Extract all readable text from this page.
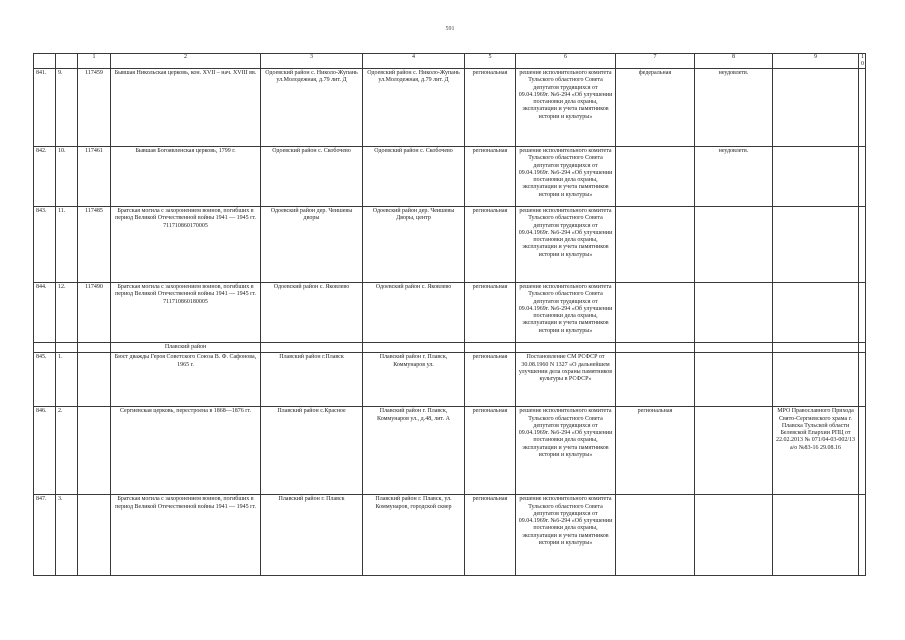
591
		1	2	3	4	5	6	7	8	9	10
841.	9.	117459	Бывшая Никольская церковь, кон. XVII – нач. XVIII вв.	Одоевский район с. Николо-Жупань ул.Молодежная, д.79 лит. Д	Одоевский район с. Николо-Жупань ул.Молодежная, д.79 лит. Д	региональная	решение исполнительного комитета Тульского областного Совета депутатов трудящихся от 09.04.1969г. №6-294 «Об улучшении постановки дела охраны, эксплуатации и учета памятников истории и культуры»	федеральная	неудовлетв.		
842.	10.	117461	Бывшая Богоявленская церковь, 1799 г.	Одоевский район с. Скобочево	Одоевский район с. Скобочево	региональная	решение исполнительного комитета Тульского областного Совета депутатов трудящихся от 09.04.1969г. №6-294 «Об улучшении постановки дела охраны, эксплуатации и учета памятников истории и культуры»		неудовлетв.		
843.	11.	117485	Братская могила с захоронением воинов, погибших в период Великой Отечественной войны 1941 — 1945 гг. 711710860170005	Одоевский район дер. Чеишевы дворы	Одоевский район дер. Чеишевы Дворы, центр	региональная	решение исполнительного комитета Тульского областного Совета депутатов трудящихся от 09.04.1969г. №6-294 «Об улучшении постановки дела охраны, эксплуатации и учета памятников истории и культуры»				
844.	12.	117490	Братская могила с захоронением воинов, погибших в период Великой Отечественной войны 1941 — 1945 гг. 711710860180005	Одоевский район с. Яковлево	Одоевский район с. Яковлево	региональная	решение исполнительного комитета Тульского областного Совета депутатов трудящихся от 09.04.1969г. №6-294 «Об улучшении постановки дела охраны, эксплуатации и учета памятников истории и культуры»				
			Плавский район								
845.	1.		Бюст дважды Героя Советского Союза В. Ф. Сафонова, 1965 г.	Плавский район г.Плавск	Плавский район г. Плавск, Коммунаров ул.	региональная	Постановление СМ РСФСР от 30.08.1960 N 1327 «О дальнейшем улучшении дела охраны памятников культуры в РСФСР»				
846.	2.		Сергиевская церковь, перестроена в 1868—1876 гг.	Плавский район с.Красное	Плавский район г. Плавск, Коммунаров ул., д.48, лит. А	региональная	решение исполнительного комитета Тульского областного Совета депутатов трудящихся от 09.04.1969г. №6-294 «Об улучшении постановки дела охраны, эксплуатации и учета памятников истории и культуры»	региональная		МРО Православного Прихода Свято-Сергиевского храма г. Плавска Тульской области Белевской Епархии РПЦ от 22.02.2013 № 071/04-03-002/13 а/о №83-16 29.08.16	
847.	3.		Братская могила с захоронением воинов, погибших в период Великой Отечественной войны 1941 — 1945 гг.	Плавский район г. Плавск	Плавский район г. Плавск, ул. Коммунаров, городской сквер	региональная	решение исполнительного комитета Тульского областного Совета депутатов трудящихся от 09.04.1969г. №6-294 «Об улучшении постановки дела охраны, эксплуатации и учета памятников истории и культуры»				
